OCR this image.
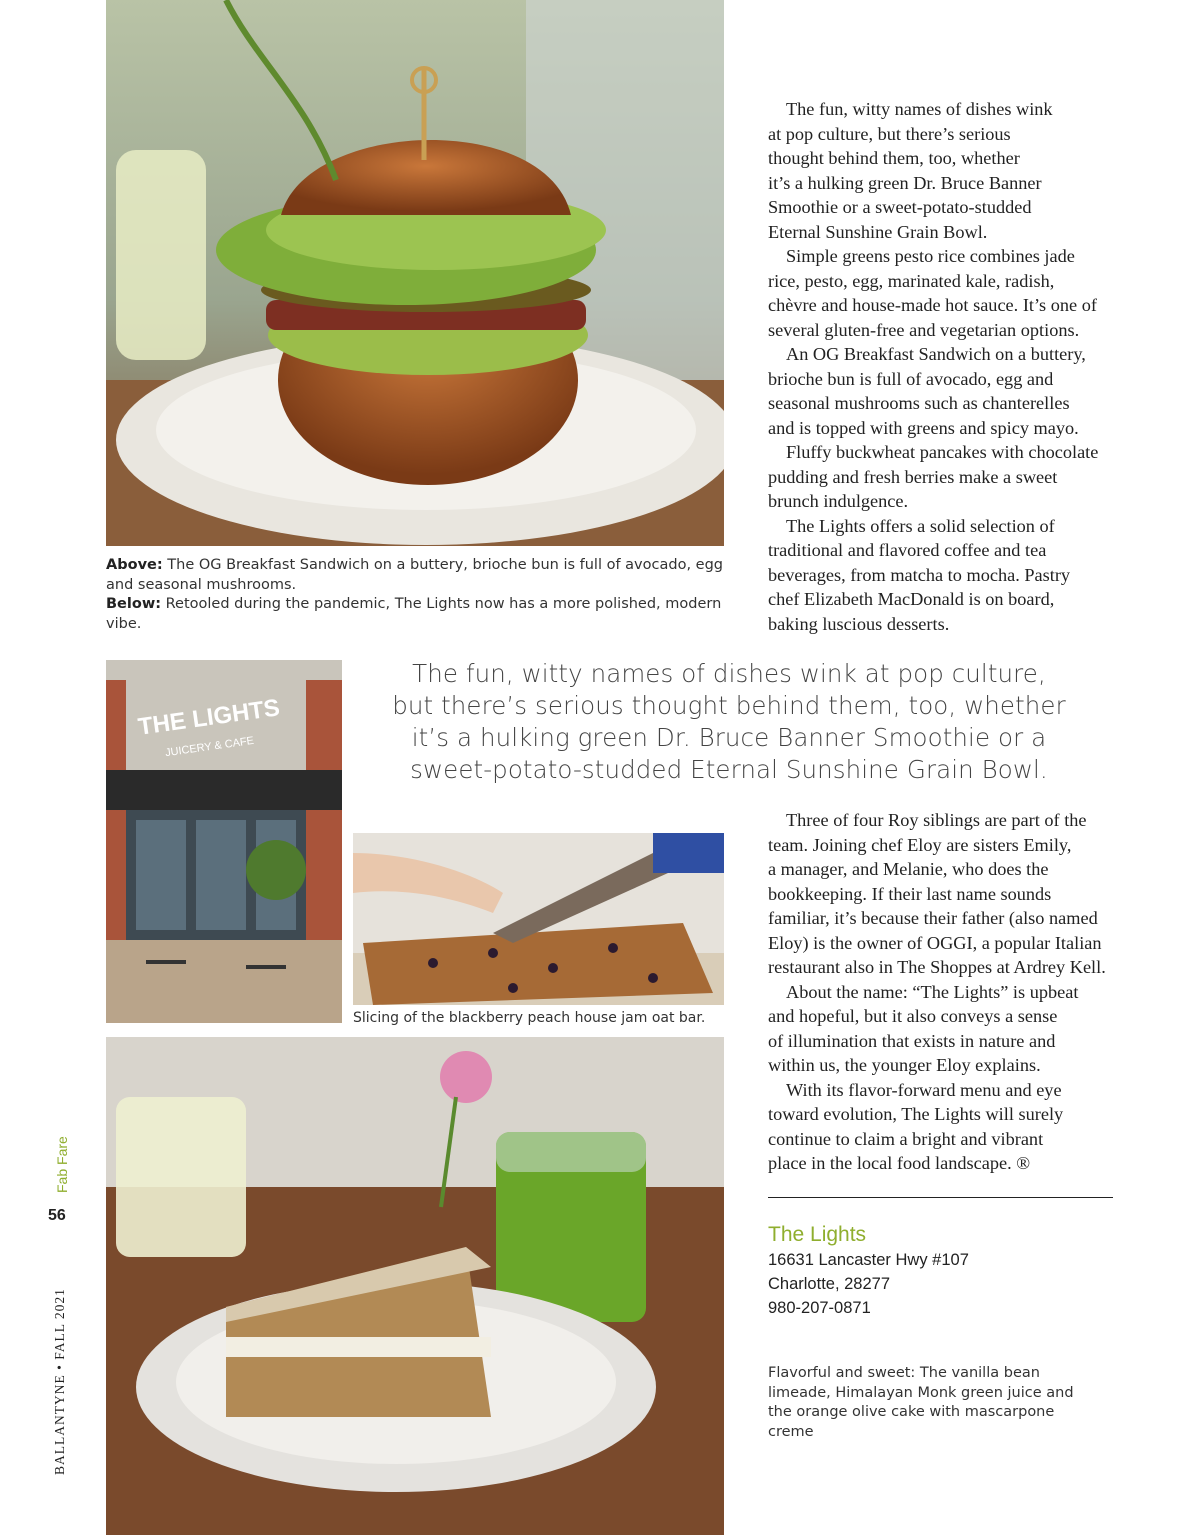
Above: The OG Breakfast Sandwich on a buttery, brioche bun is full of avocado, egg and seasonal mushrooms.

Below: Retooled during the pandemic, The Lights now has a more polished, modern vibe.

The fun, witty names of dishes wink
at pop culture, but there’s serious
thought behind them, too, whether
it’s a hulking green Dr. Bruce Banner
Smoothie or a sweet-potato-studded
Eternal Sunshine Grain Bowl.
Simple greens pesto rice combines jade
rice, pesto, egg, marinated kale, radish,
chèvre and house-made hot sauce. It’s one of
several gluten-free and vegetarian options.
An OG Breakfast Sandwich on a buttery,
brioche bun is full of avocado, egg and
seasonal mushrooms such as chanterelles
and is topped with greens and spicy mayo.
Fluffy buckwheat pancakes with chocolate
pudding and fresh berries make a sweet
brunch indulgence.
The Lights offers a solid selection of
traditional and flavored coffee and tea
beverages, from matcha to mocha. Pastry
chef Elizabeth MacDonald is on board,
baking luscious desserts.
The fun, witty names of dishes wink at pop culture,
but there’s serious thought behind them, too, whether
it’s a hulking green Dr. Bruce Banner Smoothie or a
sweet-potato-studded Eternal Sunshine Grain Bowl.
THE LIGHTS
JUICERY & CAFE
Slicing of the blackberry peach house jam oat bar.
Three of four Roy siblings are part of the
team. Joining chef Eloy are sisters Emily,
a manager, and Melanie, who does the
bookkeeping. If their last name sounds
familiar, it’s because their father (also named
Eloy) is the owner of OGGI, a popular Italian
restaurant also in The Shoppes at Ardrey Kell.
About the name: “The Lights” is upbeat
and hopeful, but it also conveys a sense
of illumination that exists in nature and
within us, the younger Eloy explains.
With its flavor-forward menu and eye
toward evolution, The Lights will surely
continue to claim a bright and vibrant
place in the local food landscape. ®
The Lights
16631 Lancaster Hwy #107
Charlotte, 28277
980-207-0871
Flavorful and sweet: The vanilla bean limeade, Himalayan Monk green juice and the orange olive cake with mascarpone creme
Fab Fare
56
BALLANTYNE • FALL 2021
